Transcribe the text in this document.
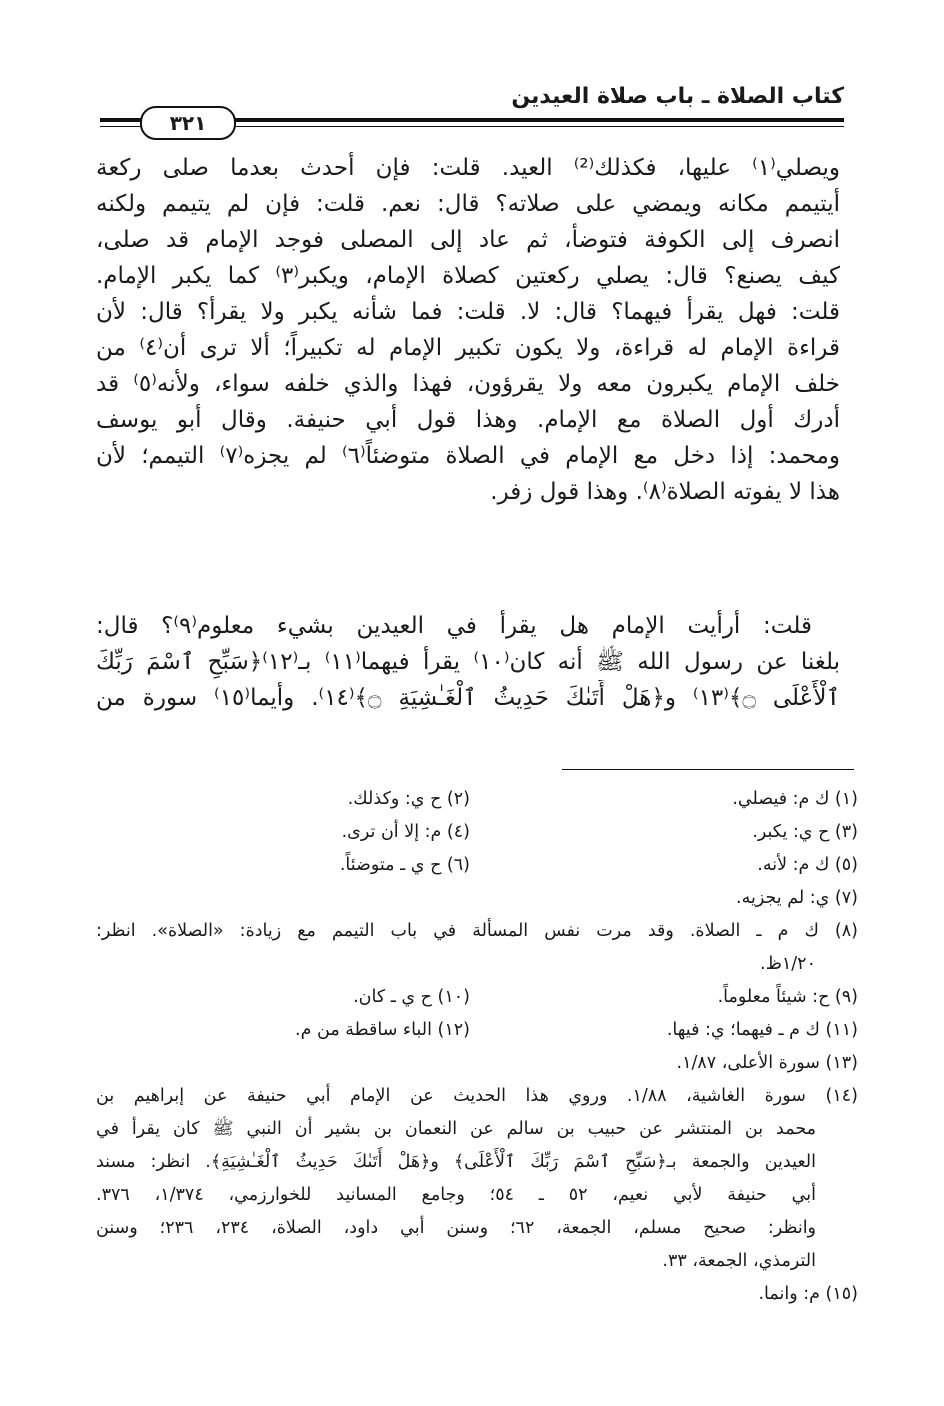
كتاب الصلاة ـ باب صلاة العيدين
٣٢١
ويصلي⁽١⁾ عليها، فكذلك⁽²⁾ العيد. قلت: فإن أحدث بعدما صلى ركعة
أيتيمم مكانه ويمضي على صلاته؟ قال: نعم. قلت: فإن لم يتيمم ولكنه
انصرف إلى الكوفة فتوضأ، ثم عاد إلى المصلى فوجد الإمام قد صلى،
كيف يصنع؟ قال: يصلي ركعتين كصلاة الإمام، ويكبر⁽٣⁾ كما يكبر الإمام.
قلت: فهل يقرأ فيهما؟ قال: لا. قلت: فما شأنه يكبر ولا يقرأ؟ قال: لأن
قراءة الإمام له قراءة، ولا يكون تكبير الإمام له تكبيراً؛ ألا ترى أن⁽٤⁾ من
خلف الإمام يكبرون معه ولا يقرؤون، فهذا والذي خلفه سواء، ولأنه⁽٥⁾ قد
أدرك أول الصلاة مع الإمام. وهذا قول أبي حنيفة. وقال أبو يوسف
ومحمد: إذا دخل مع الإمام في الصلاة متوضئاً⁽٦⁾ لم يجزه⁽٧⁾ التيمم؛ لأن
هذا لا يفوته الصلاة⁽٨⁾. وهذا قول زفر.
قلت: أرأيت الإمام هل يقرأ في العيدين بشيء معلوم⁽٩⁾؟ قال:
بلغنا عن رسول الله ﷺ أنه كان⁽١٠⁾ يقرأ فيهما⁽١١⁾ بـ⁽١٢⁾﴿سَبِّحِ ٱسْمَ رَبِّكَ
ٱلْأَعْلَى ۝﴾⁽١٣⁾ و﴿هَلْ أَتَىٰكَ حَدِيثُ ٱلْغَـٰشِيَةِ ۝﴾⁽١٤⁾. وأيما⁽١٥⁾ سورة من
(١) ك م: فيصلي.
(٢) ح ي: وكذلك.
(٣) ح ي: يكبر.
(٤) م: إلا أن ترى.
(٥) ك م: لأنه.
(٦) ح ي ـ متوضئاً.
(٧) ي: لم يجزيه.
(٨) ك م ـ الصلاة. وقد مرت نفس المسألة في باب التيمم مع زيادة: «الصلاة». انظر:
١/٢٠ظ.
(٩) ح: شيئاً معلوماً.
(١٠) ح ي ـ كان.
(١١) ك م ـ فيهما؛ ي: فيها.
(١٢) الباء ساقطة من م.
(١٣) سورة الأعلى، ١/٨٧.
(١٤) سورة الغاشية، ١/٨٨. وروي هذا الحديث عن الإمام أبي حنيفة عن إبراهيم بن
محمد بن المنتشر عن حبيب بن سالم عن النعمان بن بشير أن النبي ﷺ كان يقرأ في
العيدين والجمعة بـ﴿سَبِّحِ ٱسْمَ رَبِّكَ ٱلْأَعْلَى﴾ و﴿هَلْ أَتَىٰكَ حَدِيثُ ٱلْغَـٰشِيَةِ﴾. انظر: مسند
أبي حنيفة لأبي نعيم، ٥٢ ـ ٥٤؛ وجامع المسانيد للخوارزمي، ١/٣٧٤، ٣٧٦.
وانظر: صحيح مسلم، الجمعة، ٦٢؛ وسنن أبي داود، الصلاة، ٢٣٤، ٢٣٦؛ وسنن
الترمذي، الجمعة، ٣٣.
(١٥) م: وانما.
